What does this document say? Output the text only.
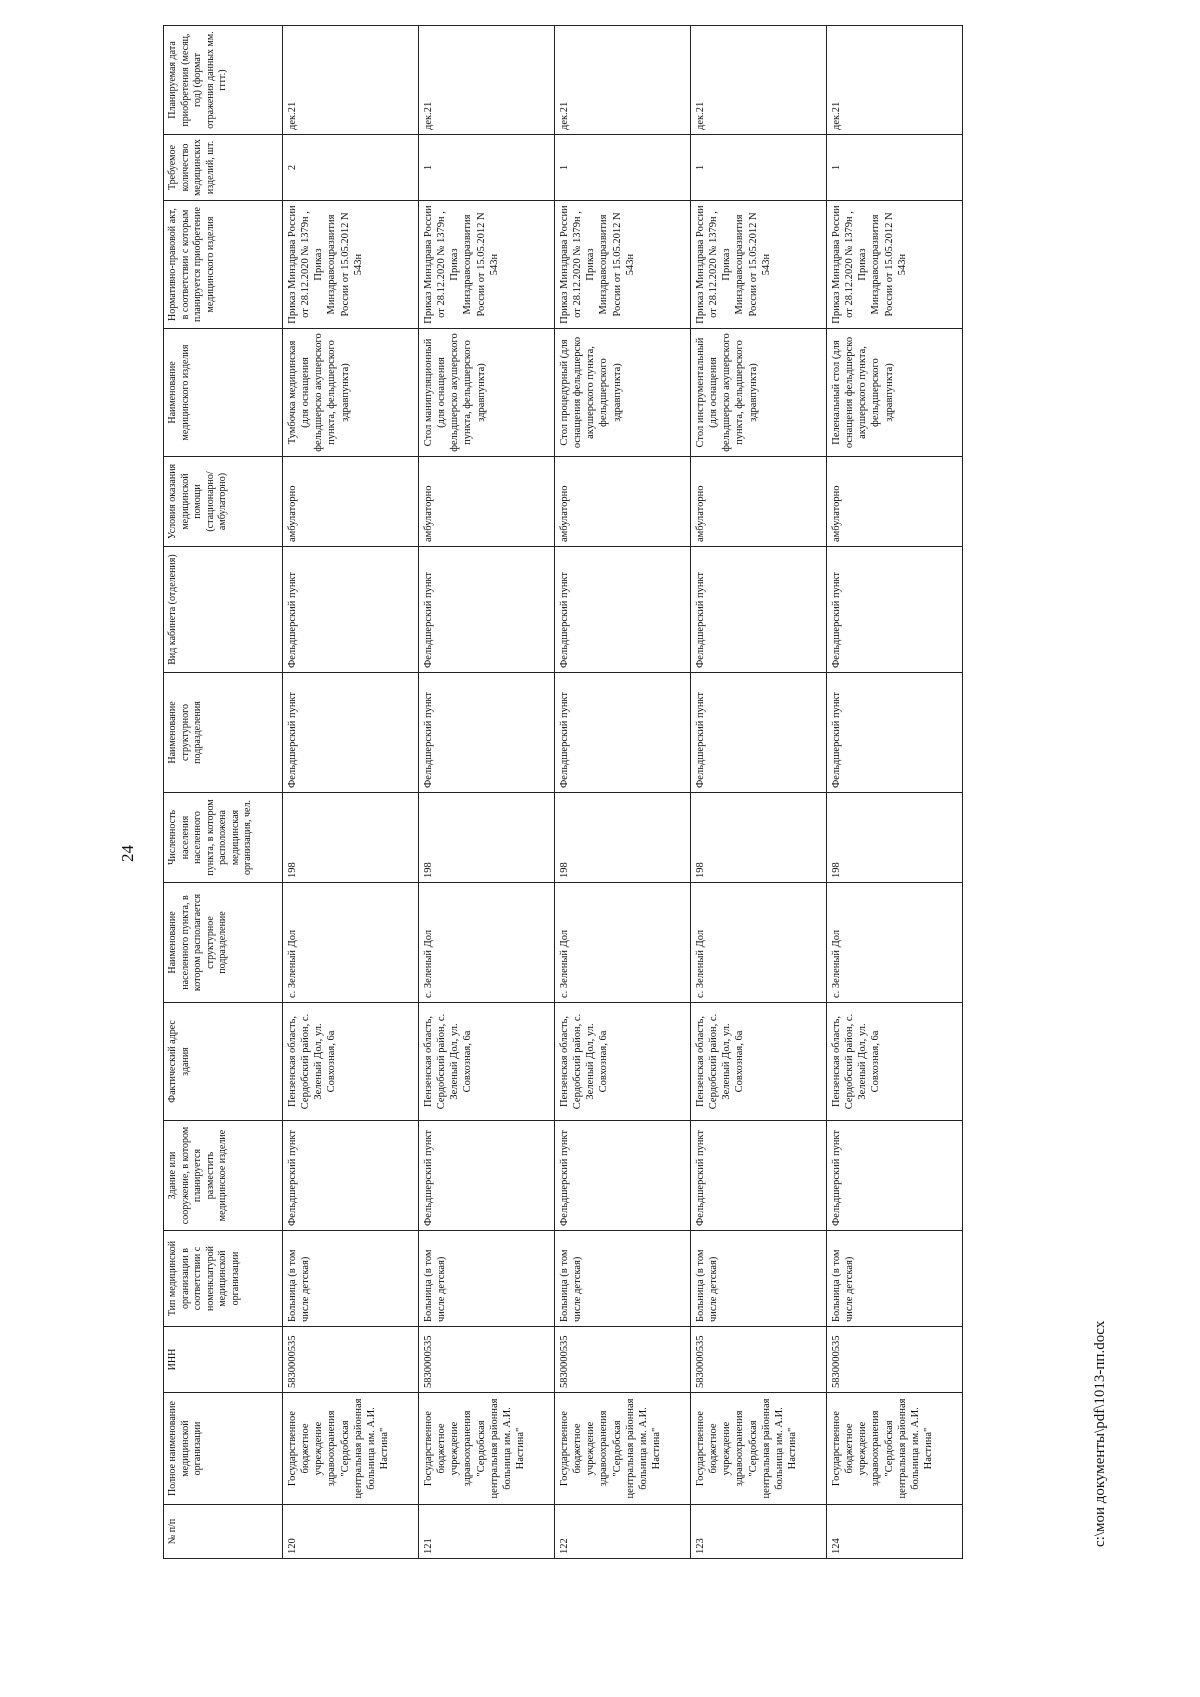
24
№ п/п	Полное наименование медицинской организации	ИНН	Тип медицинской организации в соответствии с номенклатурой медицинской организации	Здание или сооружение, в котором планируется разместить медицинское изделие	Фактический адрес здания	Наименование населенного пункта, в котором располагается структурное подразделение	Численность населения населенного пункта, в котором расположена медицинская организация, чел.	Наименование структурного подразделения	Вид кабинета (отделения)	Условия оказания медицинской помощи (стационарно/ амбулаторно)	Наименование медицинского изделия	Нормативно-правовой акт, в соответствии с которым планируется приобретение медицинского изделия	Требуемое количество медицинских изделий, шт.	Планируемая дата приобретения (месяц, год) (формат отражения данных мм. гггг.)
120	Государственное бюджетное учреждение здравоохранения "Сердобская центральная районная больница им. А.И. Настина"	5830000535	Больница (в том числе детская)	Фельдшерский пункт	Пензенская область, Сердобский район, с. Зеленый Дол, ул. Совхозная, 6а	с. Зеленый Дол	198	Фельдшерский пункт	Фельдшерский пункт	амбулаторно	Тумбочка медицинская (для оснащения фельдшерско акушерского пункта, фельдшерского здравпункта)	Приказ Минздрава России от 28.12.2020 № 1379н , Приказ Минздравсоцразвития России от 15.05.2012 N 543н	2	дек.21
121	Государственное бюджетное учреждение здравоохранения "Сердобская центральная районная больница им. А.И. Настина"	5830000535	Больница (в том числе детская)	Фельдшерский пункт	Пензенская область, Сердобский район, с. Зеленый Дол, ул. Совхозная, 6а	с. Зеленый Дол	198	Фельдшерский пункт	Фельдшерский пункт	амбулаторно	Стол манипуляционный (для оснащения фельдшерско акушерского пункта, фельдшерского здравпункта)	Приказ Минздрава России от 28.12.2020 № 1379н , Приказ Минздравсоцразвития России от 15.05.2012 N 543н	1	дек.21
122	Государственное бюджетное учреждение здравоохранения "Сердобская центральная районная больница им. А.И. Настина"	5830000535	Больница (в том числе детская)	Фельдшерский пункт	Пензенская область, Сердобский район, с. Зеленый Дол, ул. Совхозная, 6а	с. Зеленый Дол	198	Фельдшерский пункт	Фельдшерский пункт	амбулаторно	Стол процедурный (для оснащения фельдшерско акушерского пункта, фельдшерского здравпункта)	Приказ Минздрава России от 28.12.2020 № 1379н , Приказ Минздравсоцразвития России от 15.05.2012 N 543н	1	дек.21
123	Государственное бюджетное учреждение здравоохранения "Сердобская центральная районная больница им. А.И. Настина"	5830000535	Больница (в том числе детская)	Фельдшерский пункт	Пензенская область, Сердобский район, с. Зеленый Дол, ул. Совхозная, 6а	с. Зеленый Дол	198	Фельдшерский пункт	Фельдшерский пункт	амбулаторно	Стол инструментальный (для оснащения фельдшерско акушерского пункта, фельдшерского здравпункта)	Приказ Минздрава России от 28.12.2020 № 1379н , Приказ Минздравсоцразвития России от 15.05.2012 N 543н	1	дек.21
124	Государственное бюджетное учреждение здравоохранения "Сердобская центральная районная больница им. А.И. Настина"	5830000535	Больница (в том числе детская)	Фельдшерский пункт	Пензенская область, Сердобский район, с. Зеленый Дол, ул. Совхозная, 6а	с. Зеленый Дол	198	Фельдшерский пункт	Фельдшерский пункт	амбулаторно	Пеленальный стол (для оснащения фельдшерско акушерского пункта, фельдшерского здравпункта)	Приказ Минздрава России от 28.12.2020 № 1379н , Приказ Минздравсоцразвития России от 15.05.2012 N 543н	1	дек.21
c:\мои документы\pdf\1013-пп.docx
